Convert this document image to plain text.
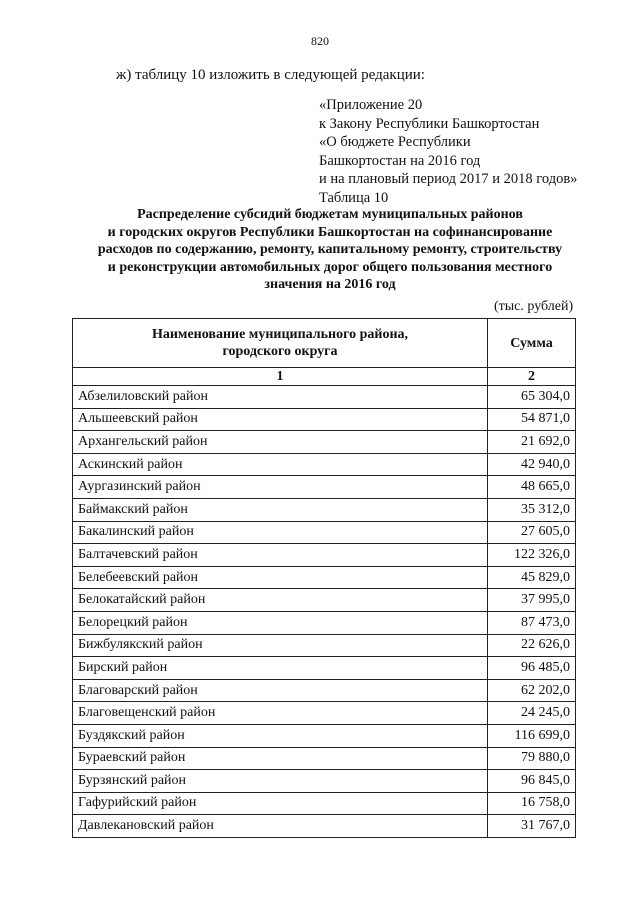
820
ж) таблицу 10 изложить в следующей редакции:
«Приложение 20
к Закону Республики Башкортостан
«О бюджете Республики
Башкортостан на 2016 год
и на плановый период 2017 и 2018 годов»
Таблица 10
Распределение субсидий бюджетам муниципальных районов
и городских округов Республики Башкортостан на софинансирование
расходов по содержанию, ремонту, капитальному ремонту, строительству
и реконструкции автомобильных дорог общего пользования местного
значения на 2016 год
(тыс. рублей)
Наименование муниципального района,
городского округа	Сумма
1	2
Абзелиловский район	65 304,0
Альшеевский район	54 871,0
Архангельский район	21 692,0
Аскинский район	42 940,0
Аургазинский район	48 665,0
Баймакский район	35 312,0
Бакалинский район	27 605,0
Балтачевский район	122 326,0
Белебеевский район	45 829,0
Белокатайский район	37 995,0
Белорецкий район	87 473,0
Бижбулякский район	22 626,0
Бирский район	96 485,0
Благоварский район	62 202,0
Благовещенский район	24 245,0
Буздякский район	116 699,0
Бураевский район	79 880,0
Бурзянский район	96 845,0
Гафурийский район	16 758,0
Давлекановский район	31 767,0
